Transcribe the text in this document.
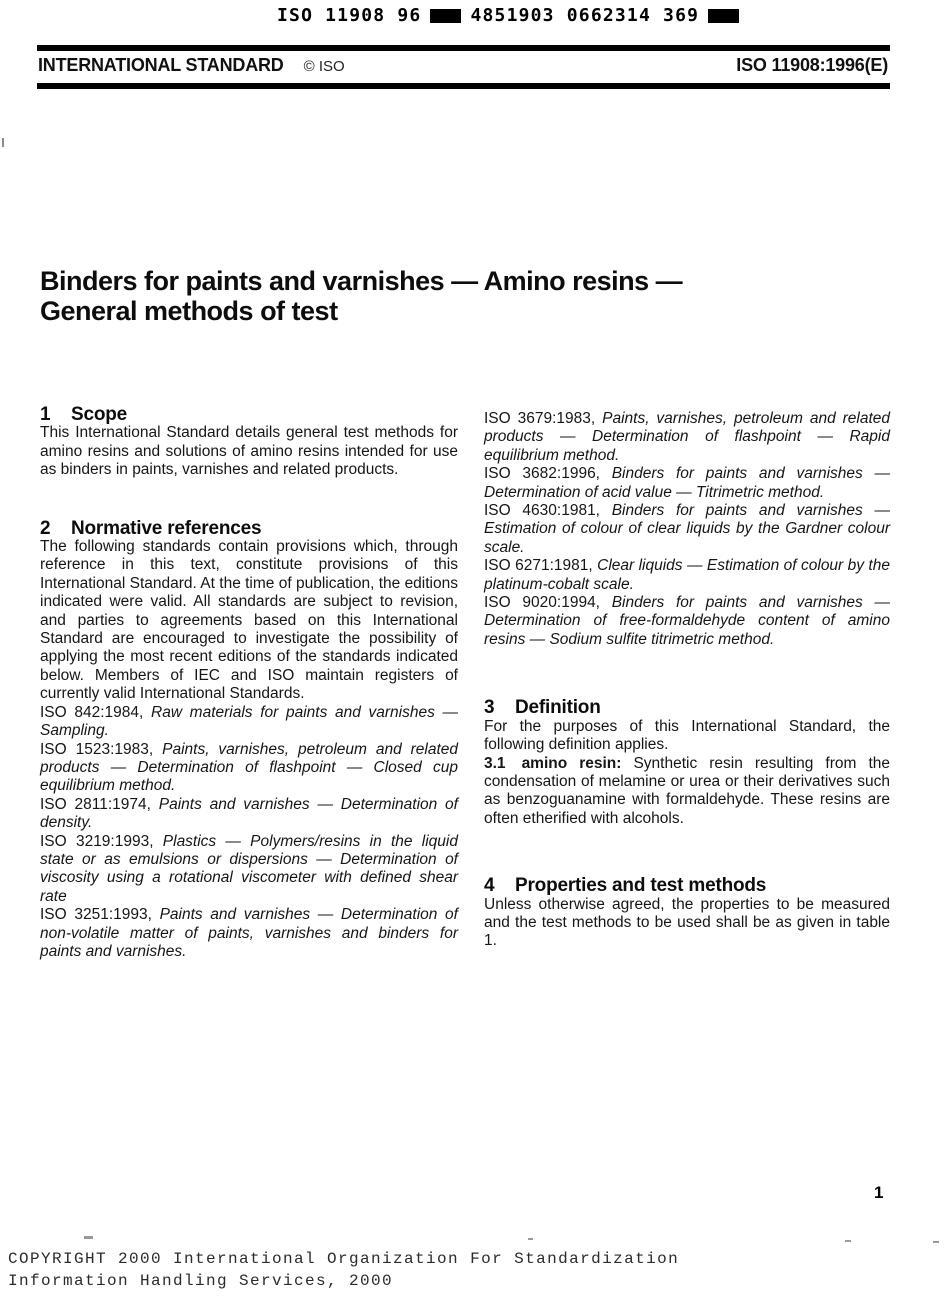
ISO 11908 96	4851903 0662314 369
INTERNATIONAL STANDARD © ISO	ISO 11908:1996(E)
Binders for paints and varnishes — Amino resins —
General methods of test
1 Scope

This International Standard details general test methods for amino resins and solutions of amino resins intended for use as binders in paints, varnishes and related products.

2 Normative references

The following standards contain provisions which, through reference in this text, constitute provisions of this International Standard. At the time of publication, the editions indicated were valid. All standards are subject to revision, and parties to agreements based on this International Standard are encouraged to investigate the possibility of applying the most recent editions of the standards indicated below. Members of IEC and ISO maintain registers of currently valid International Standards.

ISO 842:1984, Raw materials for paints and varnishes — Sampling.

ISO 1523:1983, Paints, varnishes, petroleum and related products — Determination of flashpoint — Closed cup equilibrium method.

ISO 2811:1974, Paints and varnishes — Determination of density.

ISO 3219:1993, Plastics — Polymers/resins in the liquid state or as emulsions or dispersions — Determination of viscosity using a rotational viscometer with defined shear rate

ISO 3251:1993, Paints and varnishes — Determination of non-volatile matter of paints, varnishes and binders for paints and varnishes.

ISO 3679:1983, Paints, varnishes, petroleum and related products — Determination of flashpoint — Rapid equilibrium method.

ISO 3682:1996, Binders for paints and varnishes — Determination of acid value — Titrimetric method.

ISO 4630:1981, Binders for paints and varnishes — Estimation of colour of clear liquids by the Gardner colour scale.

ISO 6271:1981, Clear liquids — Estimation of colour by the platinum-cobalt scale.

ISO 9020:1994, Binders for paints and varnishes — Determination of free-formaldehyde content of amino resins — Sodium sulfite titrimetric method.

3 Definition

For the purposes of this International Standard, the following definition applies.

3.1 amino resin: Synthetic resin resulting from the condensation of melamine or urea or their derivatives such as benzoguanamine with formaldehyde. These resins are often etherified with alcohols.

4 Properties and test methods

Unless otherwise agreed, the properties to be measured and the test methods to be used shall be as given in table 1.

1
COPYRIGHT 2000 International Organization For Standardization
Information Handling Services, 2000
